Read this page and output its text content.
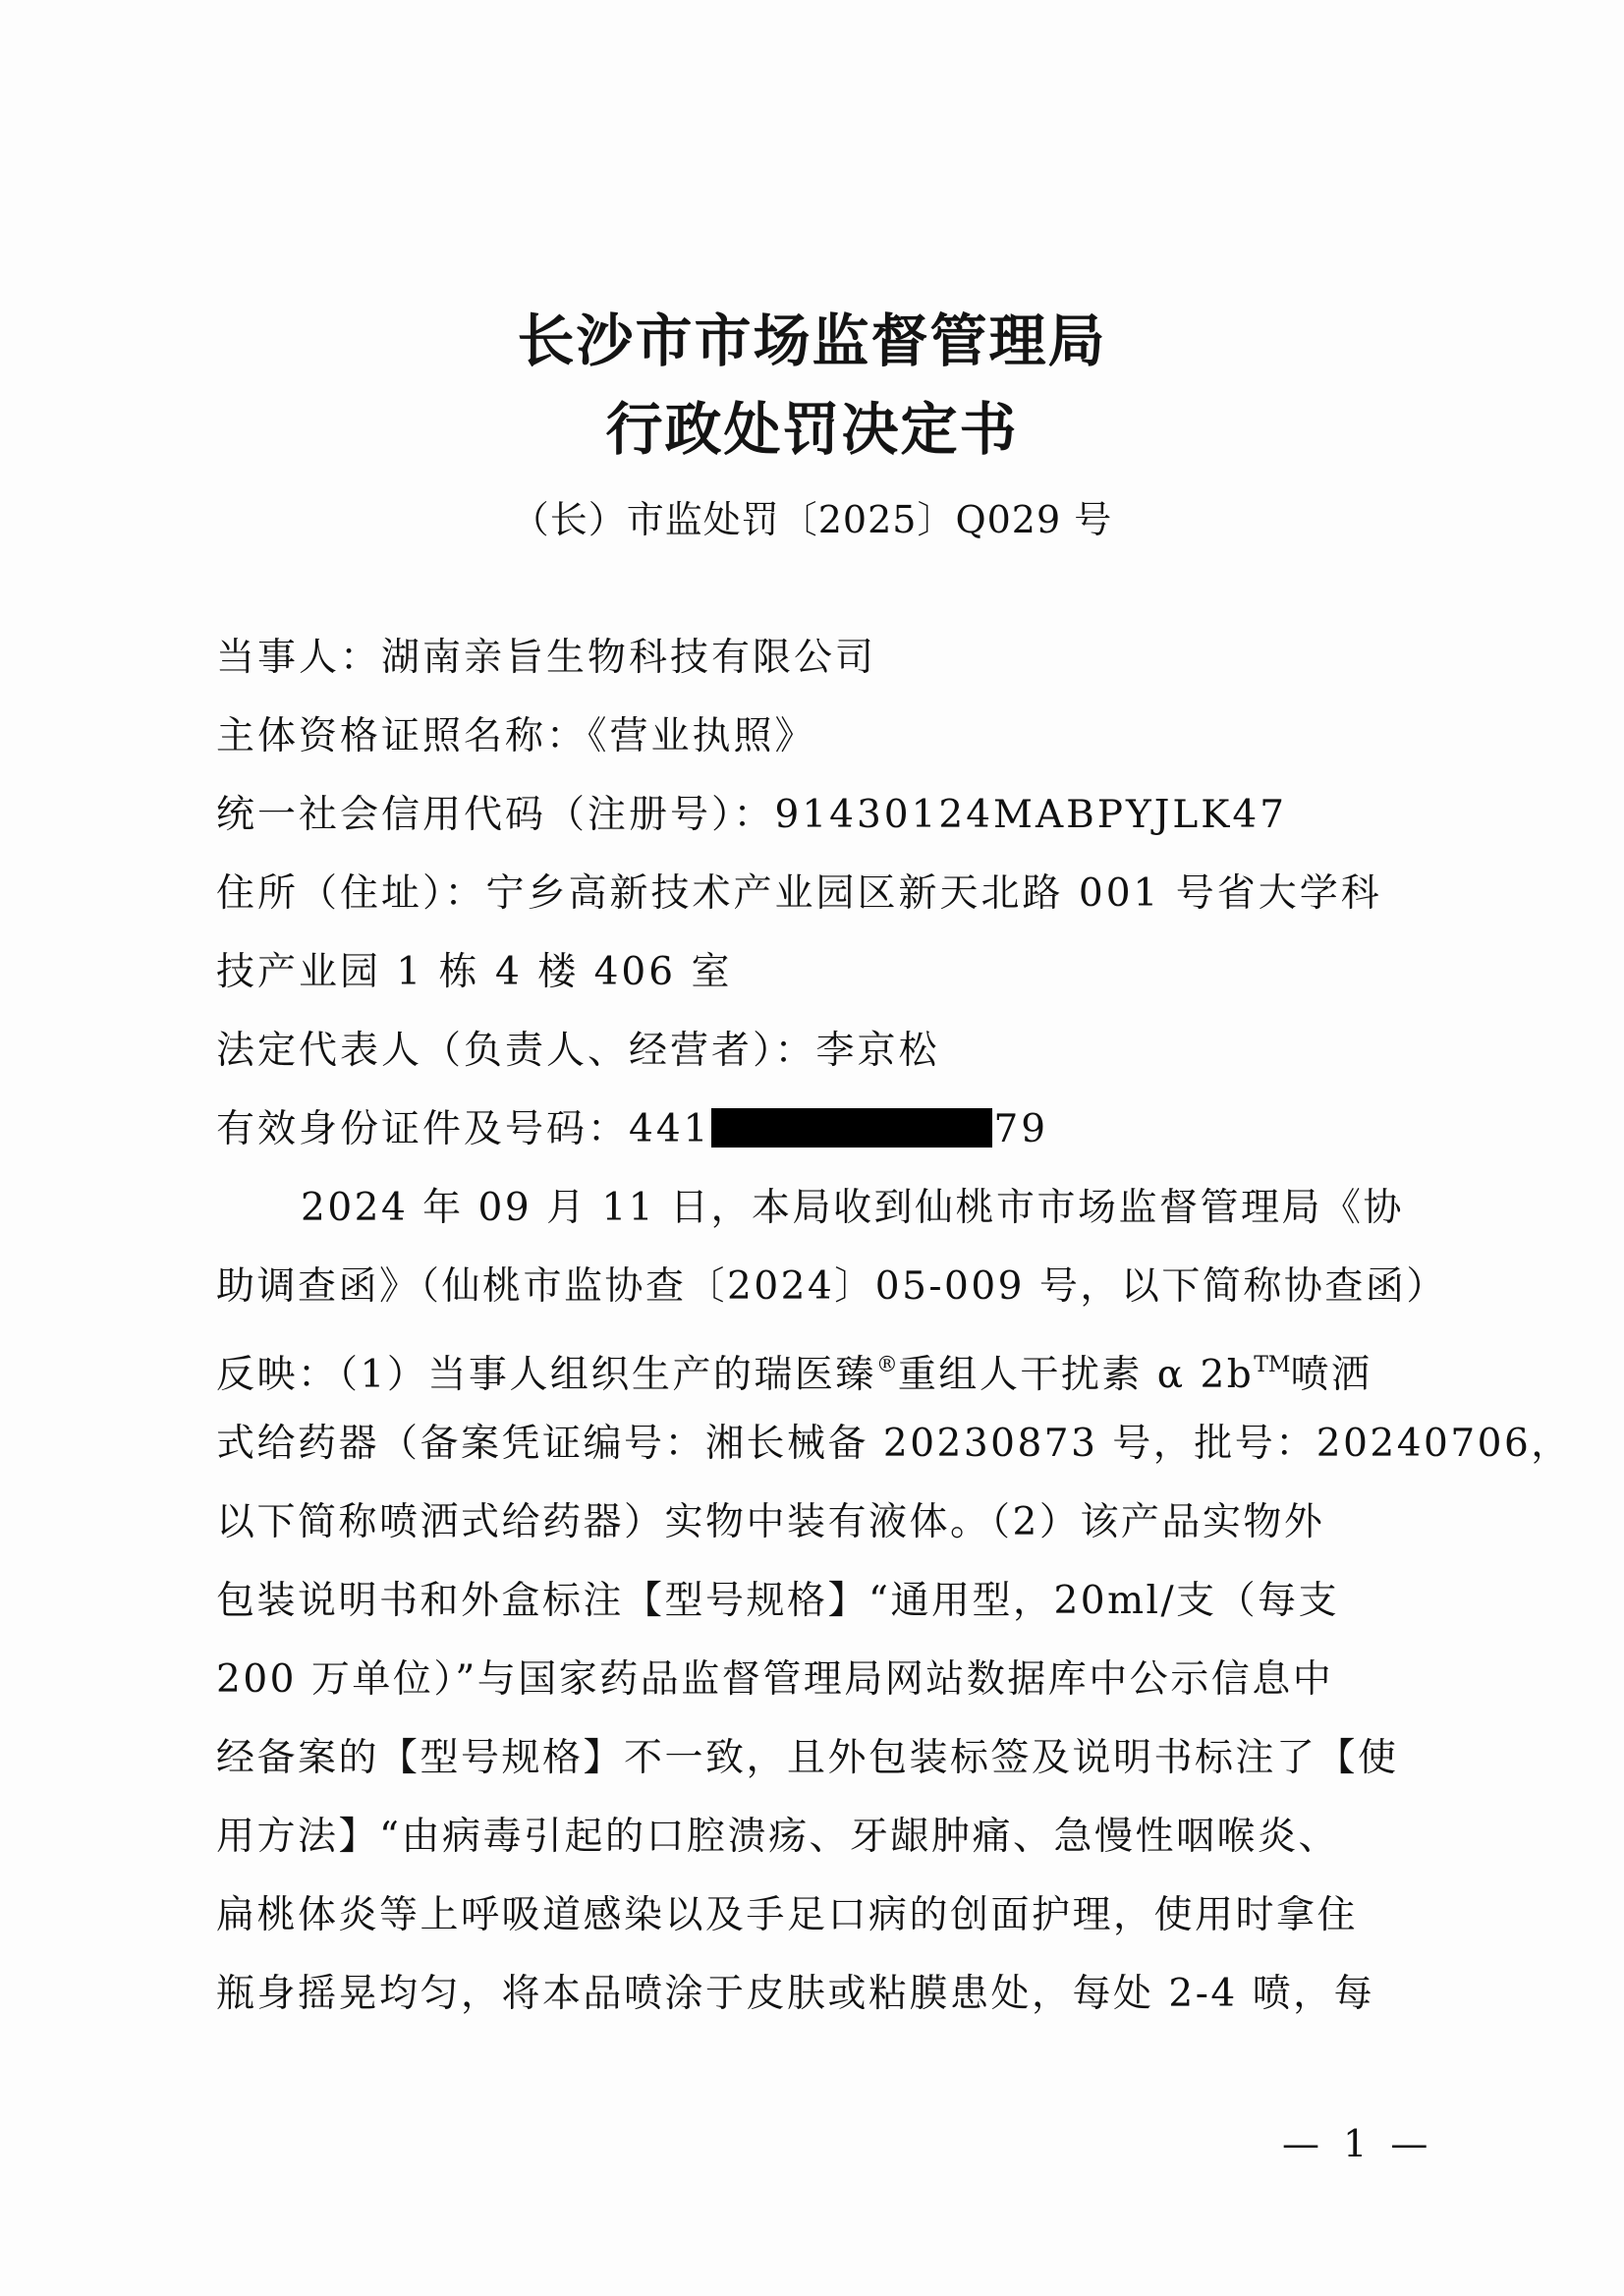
长沙市市场监督管理局
行政处罚决定书
（长）市监处罚〔2025〕Q029 号
当事人：湖南亲旨生物科技有限公司
主体资格证照名称：《营业执照》
统一社会信用代码（注册号）：91430124MABPYJLK47
住所（住址）：宁乡高新技术产业园区新天北路 001 号省大学科
技产业园 1 栋 4 楼 406 室
法定代表人（负责人、经营者）：李京松
有效身份证件及号码：441	79
2024 年 09 月 11 日，本局收到仙桃市市场监督管理局《协
助调查函》（仙桃市监协查〔2024〕05-009 号，以下简称协查函）
反映：（1）当事人组织生产的瑞医臻®重组人干扰素 α 2b™喷洒
式给药器（备案凭证编号：湘长械备 20230873 号，批号：20240706，
以下简称喷洒式给药器）实物中装有液体。（2）该产品实物外
包装说明书和外盒标注【型号规格】“通用型，20ml/支（每支
200 万单位）”与国家药品监督管理局网站数据库中公示信息中
经备案的【型号规格】不一致，且外包装标签及说明书标注了【使
用方法】“由病毒引起的口腔溃疡、牙龈肿痛、急慢性咽喉炎、
扁桃体炎等上呼吸道感染以及手足口病的创面护理，使用时拿住
瓶身摇晃均匀，将本品喷涂于皮肤或粘膜患处，每处 2-4 喷，每
— 1 —
